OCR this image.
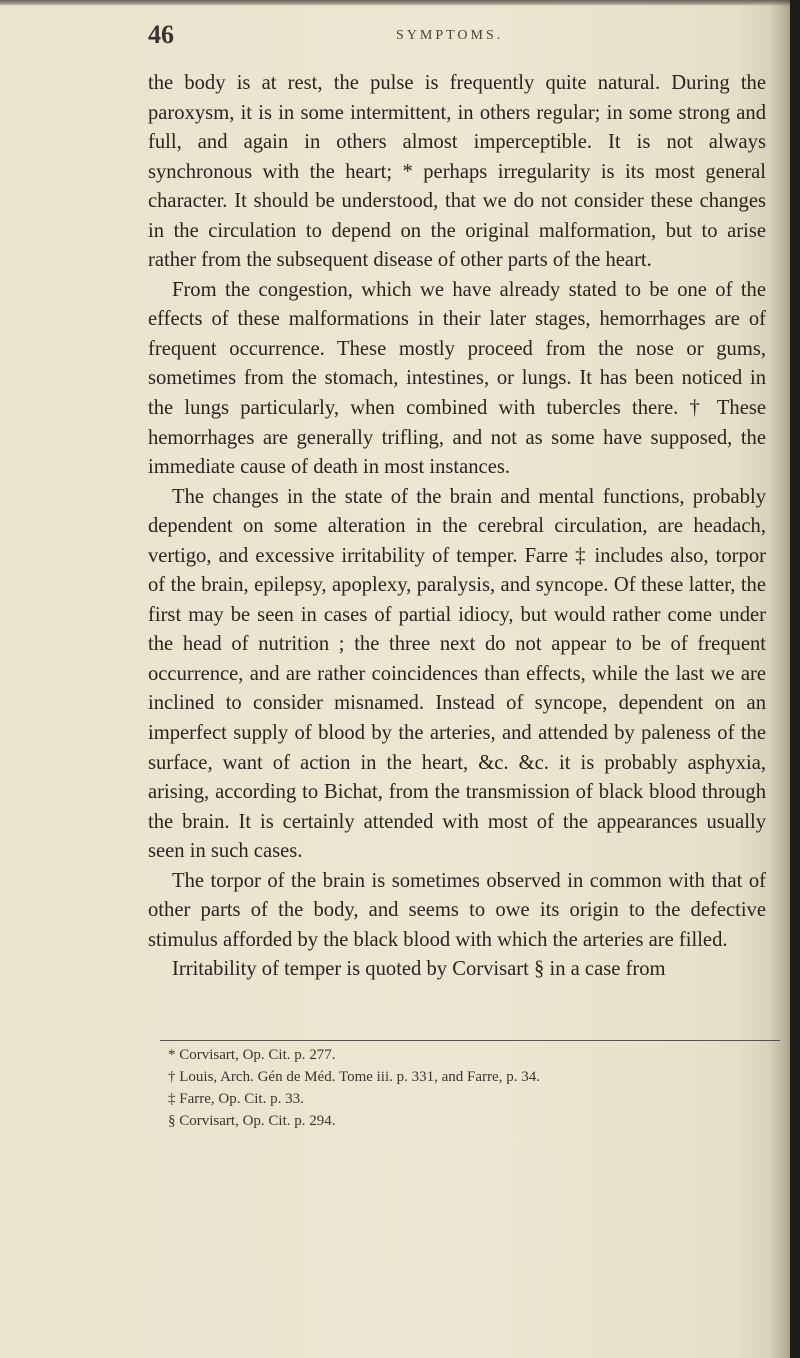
46	SYMPTOMS.

the body is at rest, the pulse is frequently quite natural. During the paroxysm, it is in some intermittent, in others regular; in some strong and full, and again in others almost imperceptible. It is not always synchronous with the heart; * perhaps irregularity is its most general character. It should be understood, that we do not consider these changes in the circulation to depend on the original malformation, but to arise rather from the subsequent disease of other parts of the heart.

From the congestion, which we have already stated to be one of the effects of these malformations in their later stages, hemorrhages are of frequent occurrence. These mostly proceed from the nose or gums, sometimes from the stomach, intestines, or lungs. It has been noticed in the lungs particularly, when combined with tubercles there. † These hemorrhages are generally trifling, and not as some have supposed, the immediate cause of death in most instances.

The changes in the state of the brain and mental functions, probably dependent on some alteration in the cerebral circulation, are headach, vertigo, and excessive irritability of temper. Farre ‡ includes also, torpor of the brain, epilepsy, apoplexy, paralysis, and syncope. Of these latter, the first may be seen in cases of partial idiocy, but would rather come under the head of nutrition ; the three next do not appear to be of frequent occurrence, and are rather coincidences than effects, while the last we are inclined to consider misnamed. Instead of syncope, dependent on an imperfect supply of blood by the arteries, and attended by paleness of the surface, want of action in the heart, &c. &c. it is probably asphyxia, arising, according to Bichat, from the transmission of black blood through the brain. It is certainly attended with most of the appearances usually seen in such cases.

The torpor of the brain is sometimes observed in common with that of other parts of the body, and seems to owe its origin to the defective stimulus afforded by the black blood with which the arteries are filled.

Irritability of temper is quoted by Corvisart § in a case from

* Corvisart, Op. Cit. p. 277.
† Louis, Arch. Gén de Méd. Tome iii. p. 331, and Farre, p. 34.
‡ Farre, Op. Cit. p. 33.
§ Corvisart, Op. Cit. p. 294.
